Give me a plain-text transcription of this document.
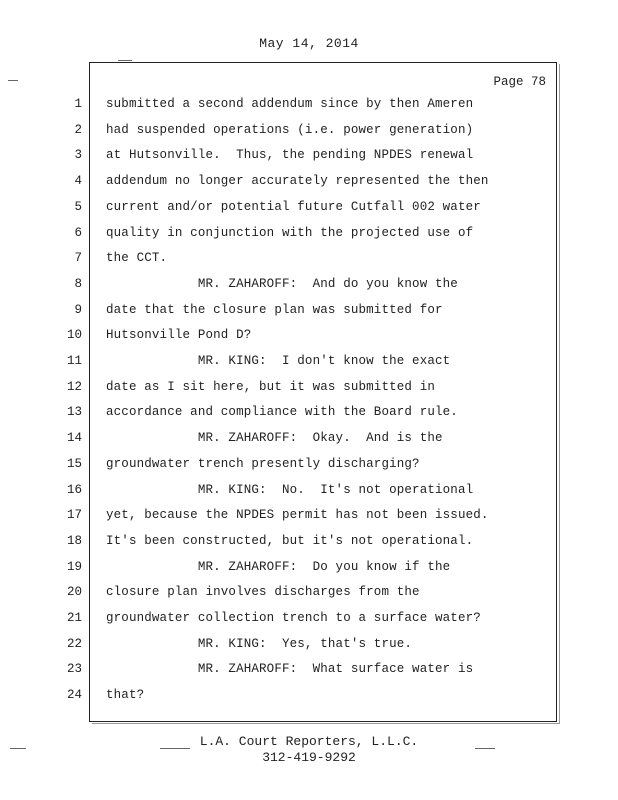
May 14, 2014
Page 78
1 submitted a second addendum since by then Ameren
2 had suspended operations (i.e. power generation)
3 at Hutsonville.  Thus, the pending NPDES renewal
4 addendum no longer accurately represented the then
5 current and/or potential future Cutfall 002 water
6 quality in conjunction with the projected use of
7 the CCT.
8 MR. ZAHAROFF:  And do you know the
9 date that the closure plan was submitted for
10 Hutsonville Pond D?
11 MR. KING:  I don't know the exact
12 date as I sit here, but it was submitted in
13 accordance and compliance with the Board rule.
14 MR. ZAHAROFF:  Okay.  And is the
15 groundwater trench presently discharging?
16 MR. KING:  No.  It's not operational
17 yet, because the NPDES permit has not been issued.
18 It's been constructed, but it's not operational.
19 MR. ZAHAROFF:  Do you know if the
20 closure plan involves discharges from the
21 groundwater collection trench to a surface water?
22 MR. KING:  Yes, that's true.
23 MR. ZAHAROFF:  What surface water is
24 that?
L.A. Court Reporters, L.L.C.
312-419-9292
